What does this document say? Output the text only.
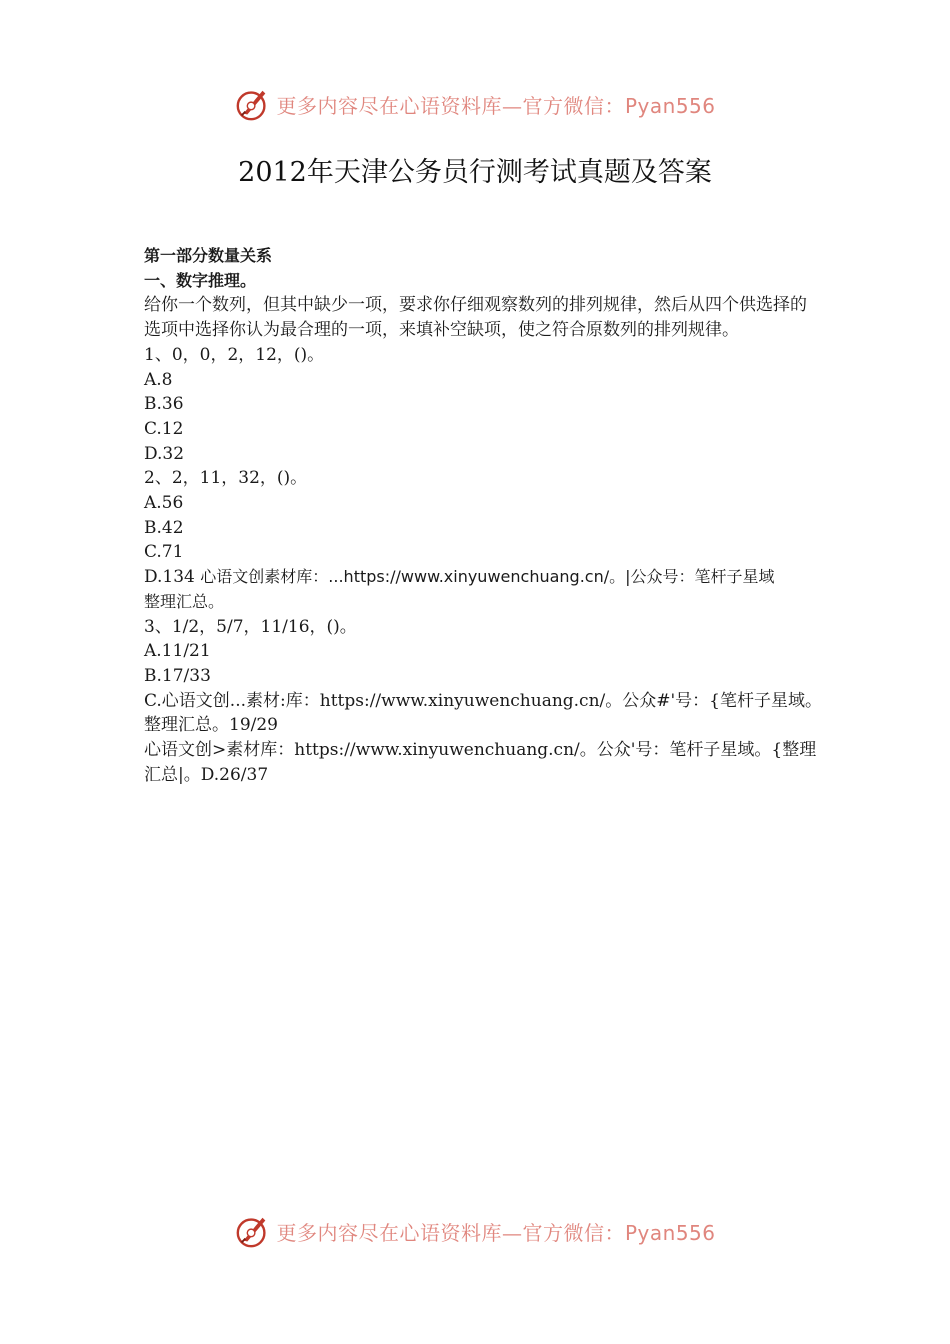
更多内容尽在心语资料库—官方微信：Pyan556
2012年天津公务员行测考试真题及答案
第一部分数量关系
一、数字推理。
给你一个数列，但其中缺少一项，要求你仔细观察数列的排列规律，然后从四个供选择的选项中选择你认为最合理的一项，来填补空缺项，使之符合原数列的排列规律。
1、0，0，2，12，()。
A.8
B.36
C.12
D.32
2、2，11，32，()。
A.56
B.42
C.71
D.134 心语文创素材库：...https://www.xinyuwenchuang.cn/。|公众号：笔杆子星域
整理汇总。
3、1/2，5/7，11/16，()。
A.11/21
B.17/33
C.心语文创...素材:库：https://www.xinyuwenchuang.cn/。公众#'号：{笔杆子星域。
整理汇总。19/29
心语文创>素材库：https://www.xinyuwenchuang.cn/。公众'号：笔杆子星域。{整理
汇总|。D.26/37
更多内容尽在心语资料库—官方微信：Pyan556
